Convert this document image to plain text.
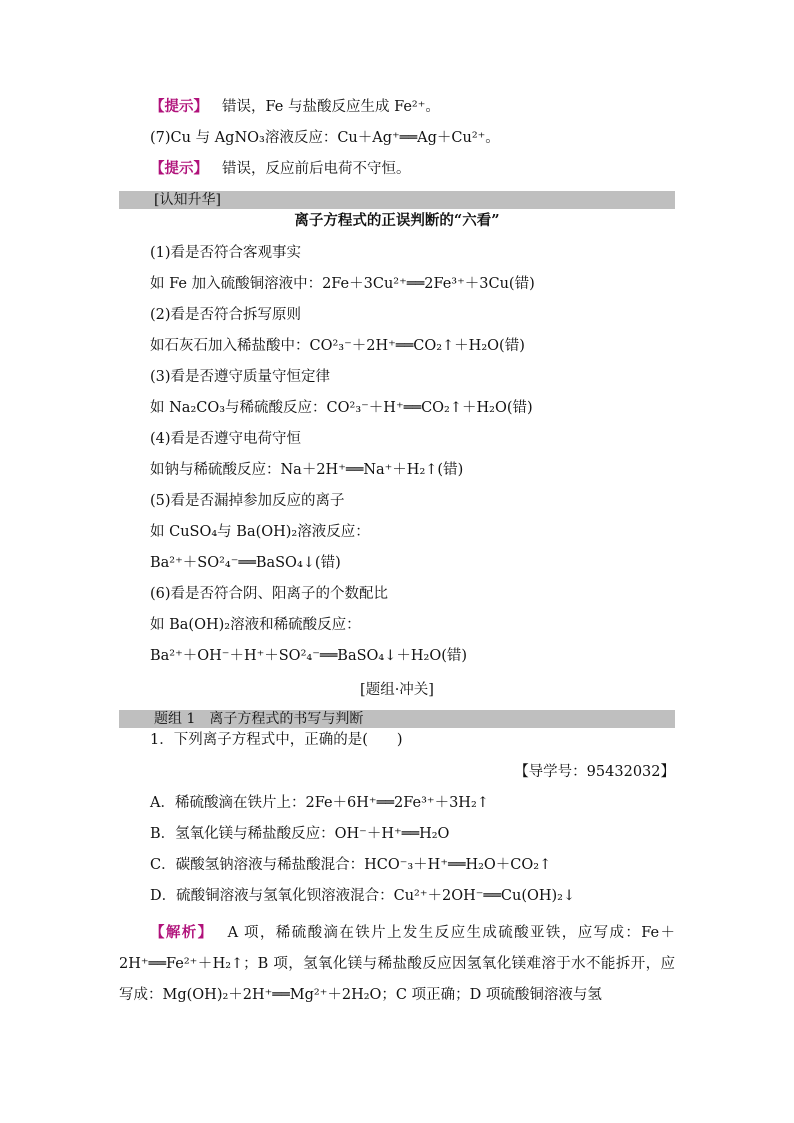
【提示】 错误，Fe 与盐酸反应生成 Fe²⁺。
(7)Cu 与 AgNO₃溶液反应：Cu＋Ag⁺══Ag＋Cu²⁺。
【提示】 错误，反应前后电荷不守恒。
[认知升华]
离子方程式的正误判断的“六看”
(1)看是否符合客观事实
如 Fe 加入硫酸铜溶液中：2Fe＋3Cu²⁺══2Fe³⁺＋3Cu(错)
(2)看是否符合拆写原则
如石灰石加入稀盐酸中：CO²₃⁻＋2H⁺══CO₂↑＋H₂O(错)
(3)看是否遵守质量守恒定律
如 Na₂CO₃与稀硫酸反应：CO²₃⁻＋H⁺══CO₂↑＋H₂O(错)
(4)看是否遵守电荷守恒
如钠与稀硫酸反应：Na＋2H⁺══Na⁺＋H₂↑(错)
(5)看是否漏掉参加反应的离子
如 CuSO₄与 Ba(OH)₂溶液反应：
Ba²⁺＋SO²₄⁻══BaSO₄↓(错)
(6)看是否符合阴、阳离子的个数配比
如 Ba(OH)₂溶液和稀硫酸反应：
Ba²⁺＋OH⁻＋H⁺＋SO²₄⁻══BaSO₄↓＋H₂O(错)
[题组·冲关]
题组 1　离子方程式的书写与判断
1．下列离子方程式中，正确的是(　　)
【导学号：95432032】
A．稀硫酸滴在铁片上：2Fe＋6H⁺══2Fe³⁺＋3H₂↑
B．氢氧化镁与稀盐酸反应：OH⁻＋H⁺══H₂O
C．碳酸氢钠溶液与稀盐酸混合：HCO⁻₃＋H⁺══H₂O＋CO₂↑
D．硫酸铜溶液与氢氧化钡溶液混合：Cu²⁺＋2OH⁻══Cu(OH)₂↓
【解析】 A 项，稀硫酸滴在铁片上发生反应生成硫酸亚铁，应写成：Fe＋2H⁺══Fe²⁺＋H₂↑；B 项，氢氧化镁与稀盐酸反应因氢氧化镁难溶于水不能拆开，应写成：Mg(OH)₂＋2H⁺══Mg²⁺＋2H₂O；C 项正确；D 项硫酸铜溶液与氢
